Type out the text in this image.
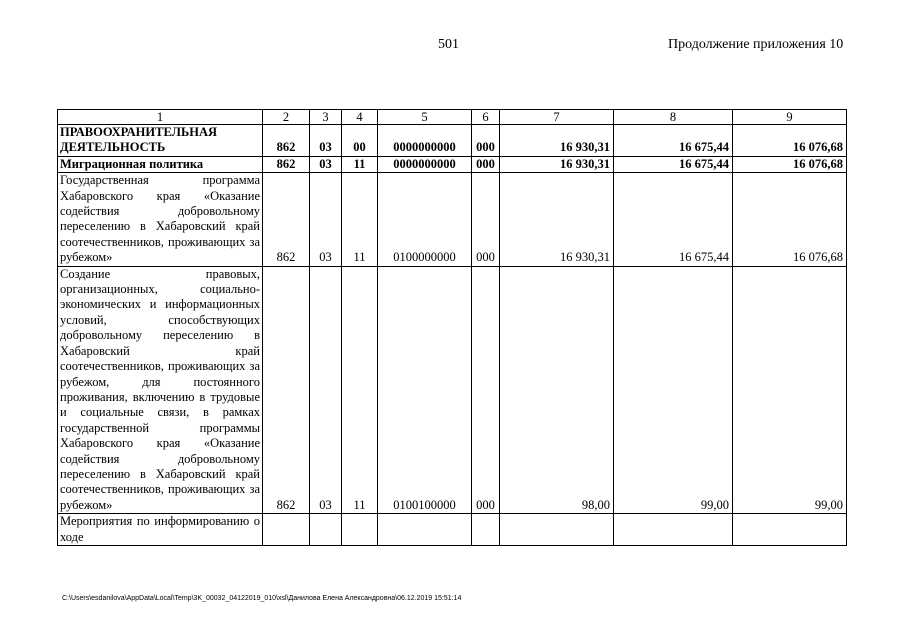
501	Продолжение приложения 10
1	2	3	4	5	6	7	8	9
ПРАВООХРАНИТЕЛЬНАЯ ДЕЯТЕЛЬНОСТЬ	862	03	00	0000000000	000	16 930,31	16 675,44	16 076,68
Миграционная политика	862	03	11	0000000000	000	16 930,31	16 675,44	16 076,68
Государственная программа Хабаровского края «Оказание содействия добровольному переселению в Хабаровский край соотечественников, проживающих за рубежом»	862	03	11	0100000000	000	16 930,31	16 675,44	16 076,68
Создание правовых, организационных, социально-экономических и информационных условий, способствующих добровольному переселению в Хабаровский край соотечественников, проживающих за рубежом, для постоянного проживания, включению в трудовые и социальные связи, в рамках государственной программы Хабаровского края «Оказание содействия добровольному переселению в Хабаровский край соотечественников, проживающих за рубежом»	862	03	11	0100100000	000	98,00	99,00	99,00
Мероприятия по информированию о ходе								
C:\Users\esdanilova\AppData\Local\Temp\3K_00032_04122019_010\xsl\Данилова Елена Александровна\06.12.2019 15:51:14
